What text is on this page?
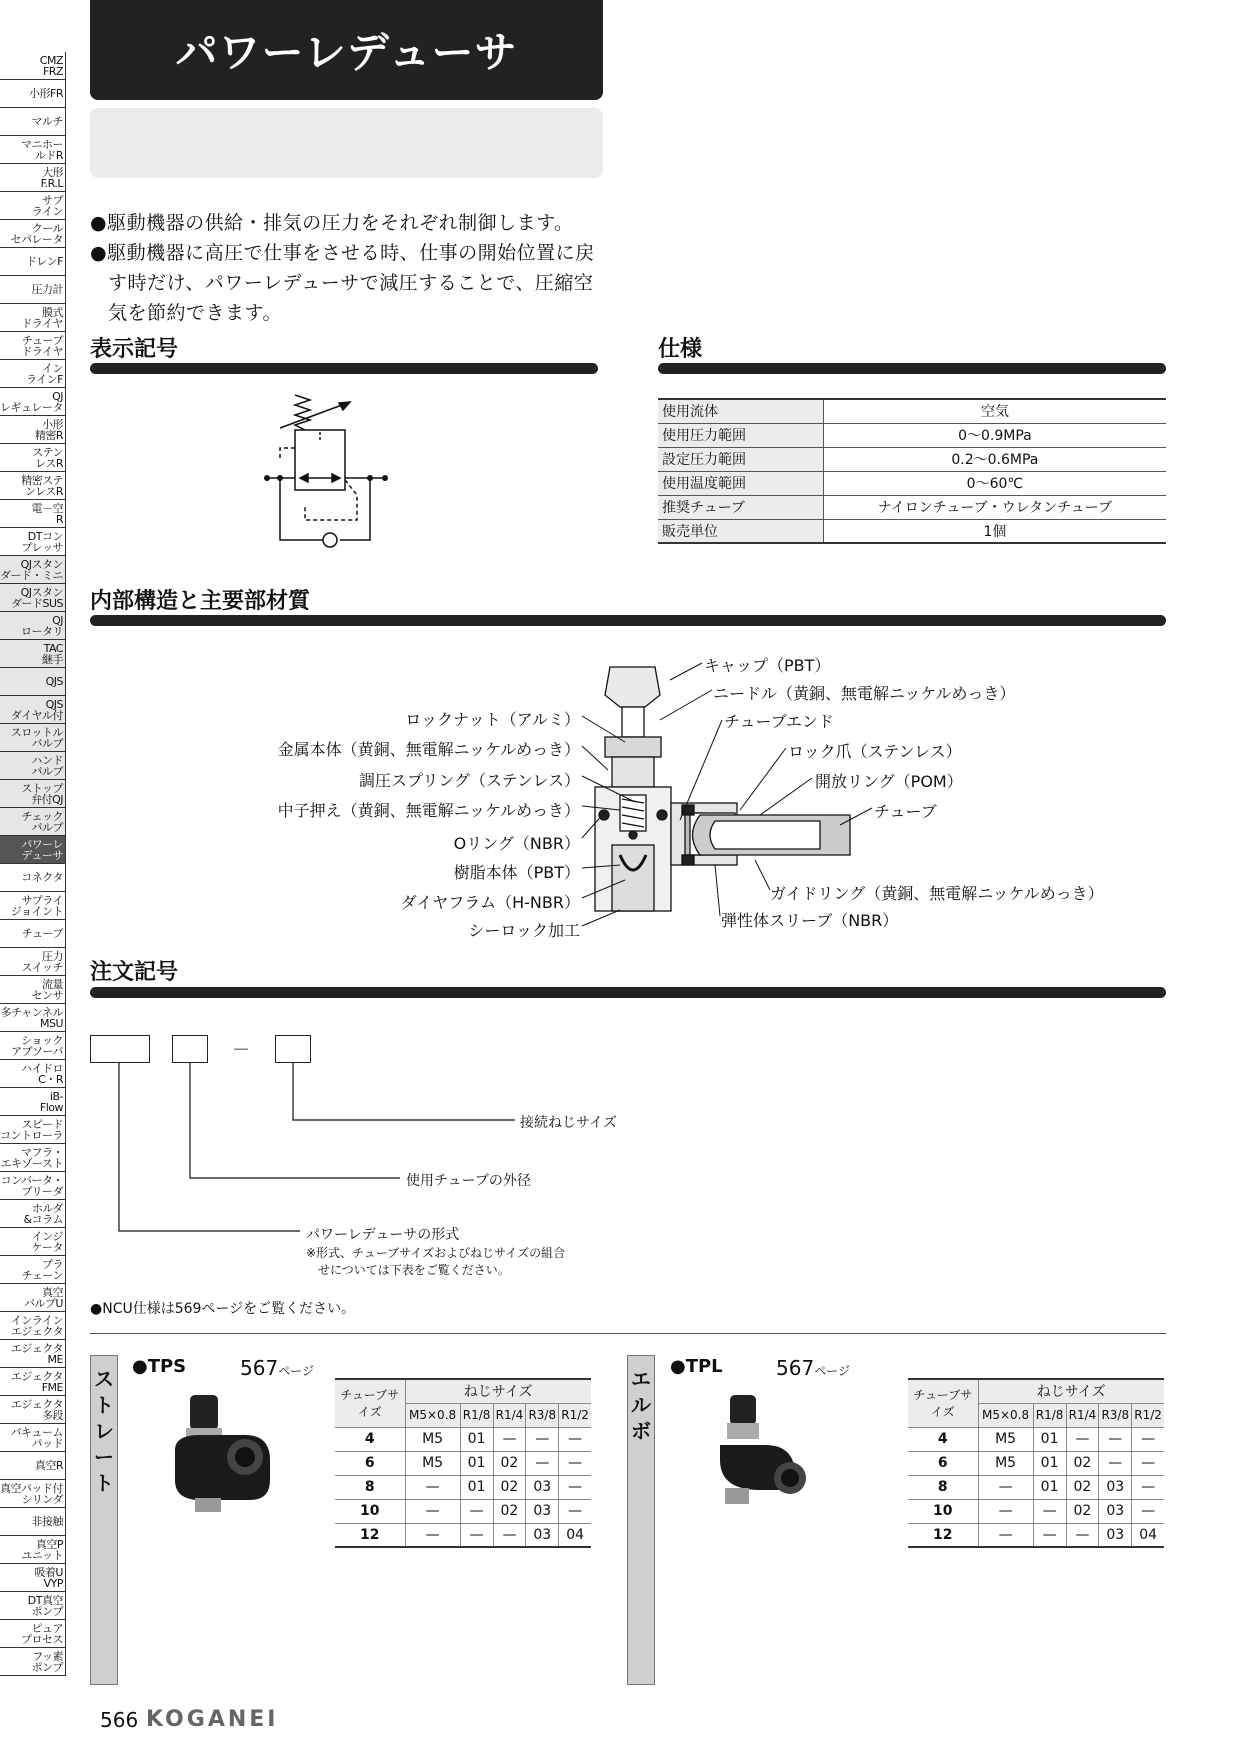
CMZ
FRZ
小形FR
マルチ
マニホー
ルドR
大形
F.R.L
サブ
ライン
クール
セパレータ
ドレンF
圧力計
膜式
ドライヤ
チューブ
ドライヤ
イン
ラインF
QJ
レギュレータ
小形
精密R
ステン
レスR
精密ステ
ンレスR
電－空
R
DTコン
プレッサ
QJスタン
ダード・ミニ
QJスタン
ダードSUS
QJ
ロータリ
TAC
継手
QJS
QJS
ダイヤル付
スロットル
バルブ
ハンド
バルブ
ストップ
弁付QJ
チェック
バルブ
パワーレ
デューサ
コネクタ
サプライ
ジョイント
チューブ
圧力
スイッチ
流量
センサ
多チャンネル
MSU
ショック
アブソーバ
ハイドロ
C・R
iB-
Flow
スピード
コントローラ
マフラ・
エキゾースト
コンバータ・
ブリーダ
ホルダ
&コラム
インジ
ケータ
プラ
チェーン
真空
バルブU
インライン
エジェクタ
エジェクタ
ME
エジェクタ
FME
エジェクタ
多段
バキューム
パッド
真空R
真空パッド付
シリンダ
非接触
真空P
ユニット
吸着U
VYP
DT真空
ポンプ
ピュア
プロセス
フッ素
ポンプ
パワーレデューサ
●駆動機器の供給・排気の圧力をそれぞれ制御します。
●駆動機器に高圧で仕事をさせる時、仕事の開始位置に戻
す時だけ、パワーレデューサで減圧することで、圧縮空
気を節約できます。
表示記号	仕様
使用流体	空気
使用圧力範囲	0～0.9MPa
設定圧力範囲	0.2～0.6MPa
使用温度範囲	0～60℃
推奨チューブ	ナイロンチューブ・ウレタンチューブ
販売単位	1個
内部構造と主要部材質
キャップ（PBT）
ニードル（黄銅、無電解ニッケルめっき）
チューブエンド
ロック爪（ステンレス）
開放リング（POM）
チューブ
ガイドリング（黄銅、無電解ニッケルめっき）
弾性体スリーブ（NBR）
ロックナット（アルミ）
金属本体（黄銅、無電解ニッケルめっき）
調圧スプリング（ステンレス）
中子押え（黄銅、無電解ニッケルめっき）
Oリング（NBR）
樹脂本体（PBT）
ダイヤフラム（H-NBR）
シーロック加工
注文記号
－
接続ねじサイズ
使用チューブの外径
パワーレデューサの形式
※形式、チューブサイズおよびねじサイズの組合
せについては下表をご覧ください。
●NCU仕様は569ページをご覧ください。
ス
ト
レ
ー
ト
●TPS	567ページ
チューブサイズ	ねじサイズ				
	M5×0.8	R1/8	R1/4	R3/8	R1/2
4	M5	01	—	—	—
6	M5	01	02	—	—
8	—	01	02	03	—
10	—	—	02	03	—
12	—	—	—	03	04
エ
ル
ボ
●TPL	567ページ
チューブサイズ	ねじサイズ				
	M5×0.8	R1/8	R1/4	R3/8	R1/2
4	M5	01	—	—	—
6	M5	01	02	—	—
8	—	01	02	03	—
10	—	—	02	03	—
12	—	—	—	03	04
566 KOGANEI
